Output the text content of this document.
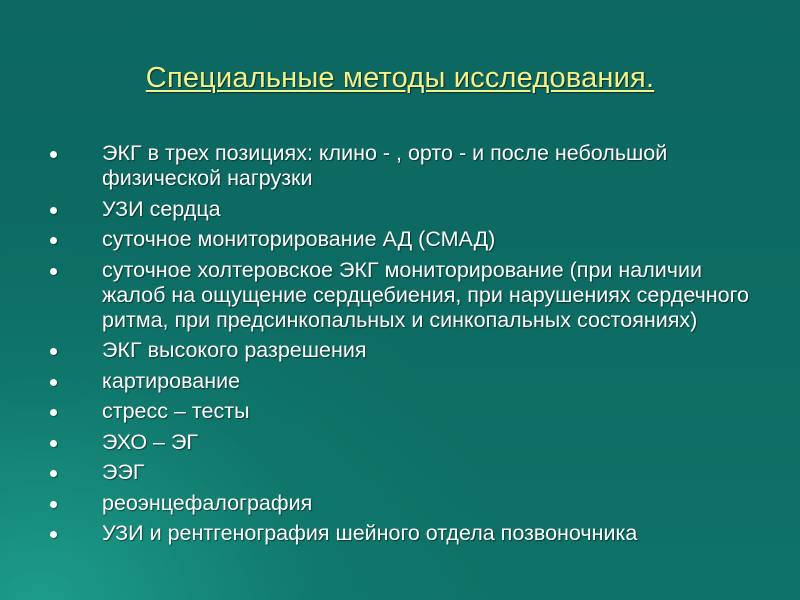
Специальные методы исследования.
ЭКГ в трех позициях: клино - , орто - и после небольшой физической нагрузки
УЗИ сердца
суточное мониторирование АД (СМАД)
суточное холтеровское ЭКГ мониторирование (при наличии жалоб на ощущение сердцебиения, при нарушениях сердечного ритма, при предсинкопальных и синкопальных состояниях)
ЭКГ высокого разрешения
картирование
стресс – тесты
ЭХО – ЭГ
ЭЭГ
реоэнцефалография
УЗИ и рентгенография шейного отдела позвоночника
